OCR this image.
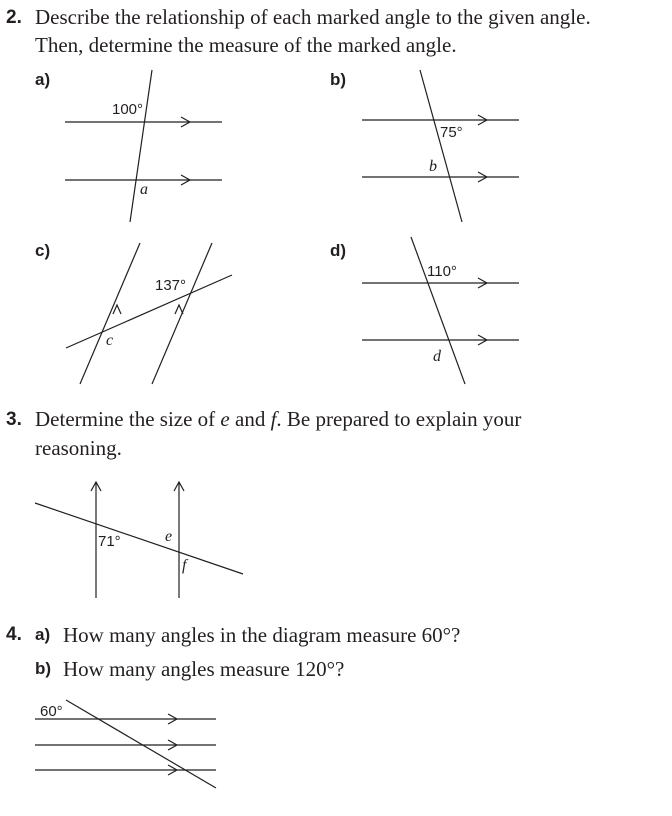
2. Describe the relationship of each marked angle to the given angle.
Then, determine the measure of the marked angle.
a)	b)
c)	d)
100°
a
75°
b
137°
c
110°
d
3. Determine the size of e and f. Be prepared to explain your
reasoning.
71°	e
f
4. a) How many angles in the diagram measure 60°?
b) How many angles measure 120°?
60°
